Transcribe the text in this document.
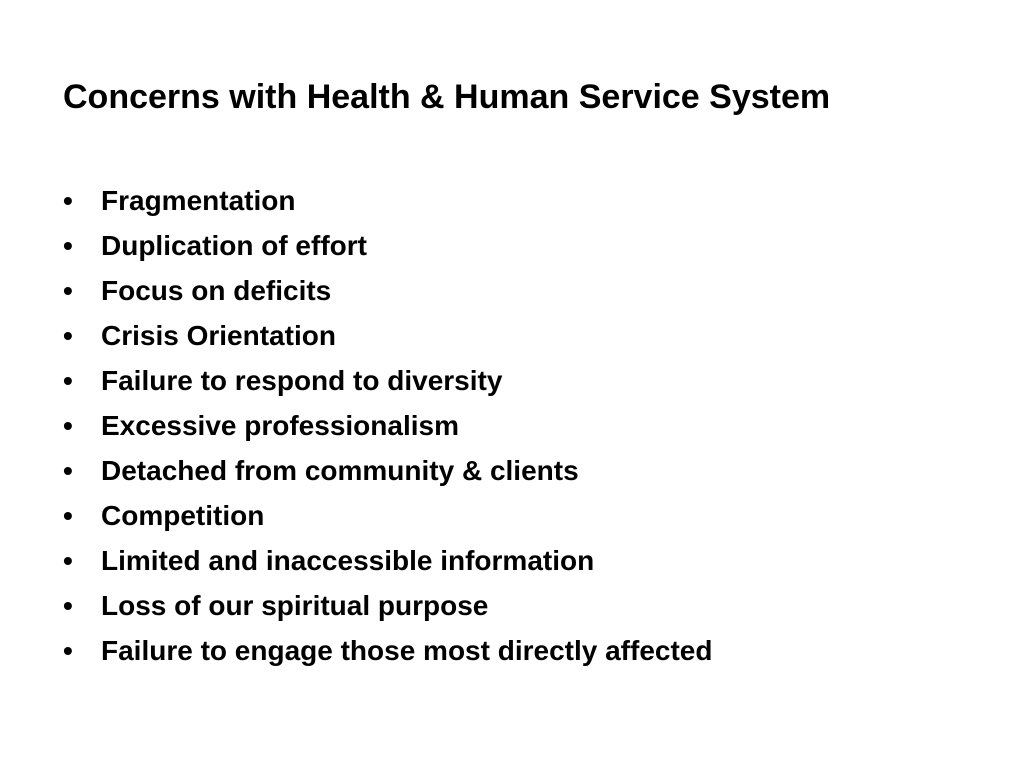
Concerns with Health & Human Service System
•	Fragmentation
•	Duplication of effort
•	Focus on deficits
•	Crisis Orientation
•	Failure to respond to diversity
•	Excessive professionalism
•	Detached from community & clients
•	Competition
•	Limited and inaccessible information
•	Loss of our spiritual purpose
•	Failure to engage those most directly affected
